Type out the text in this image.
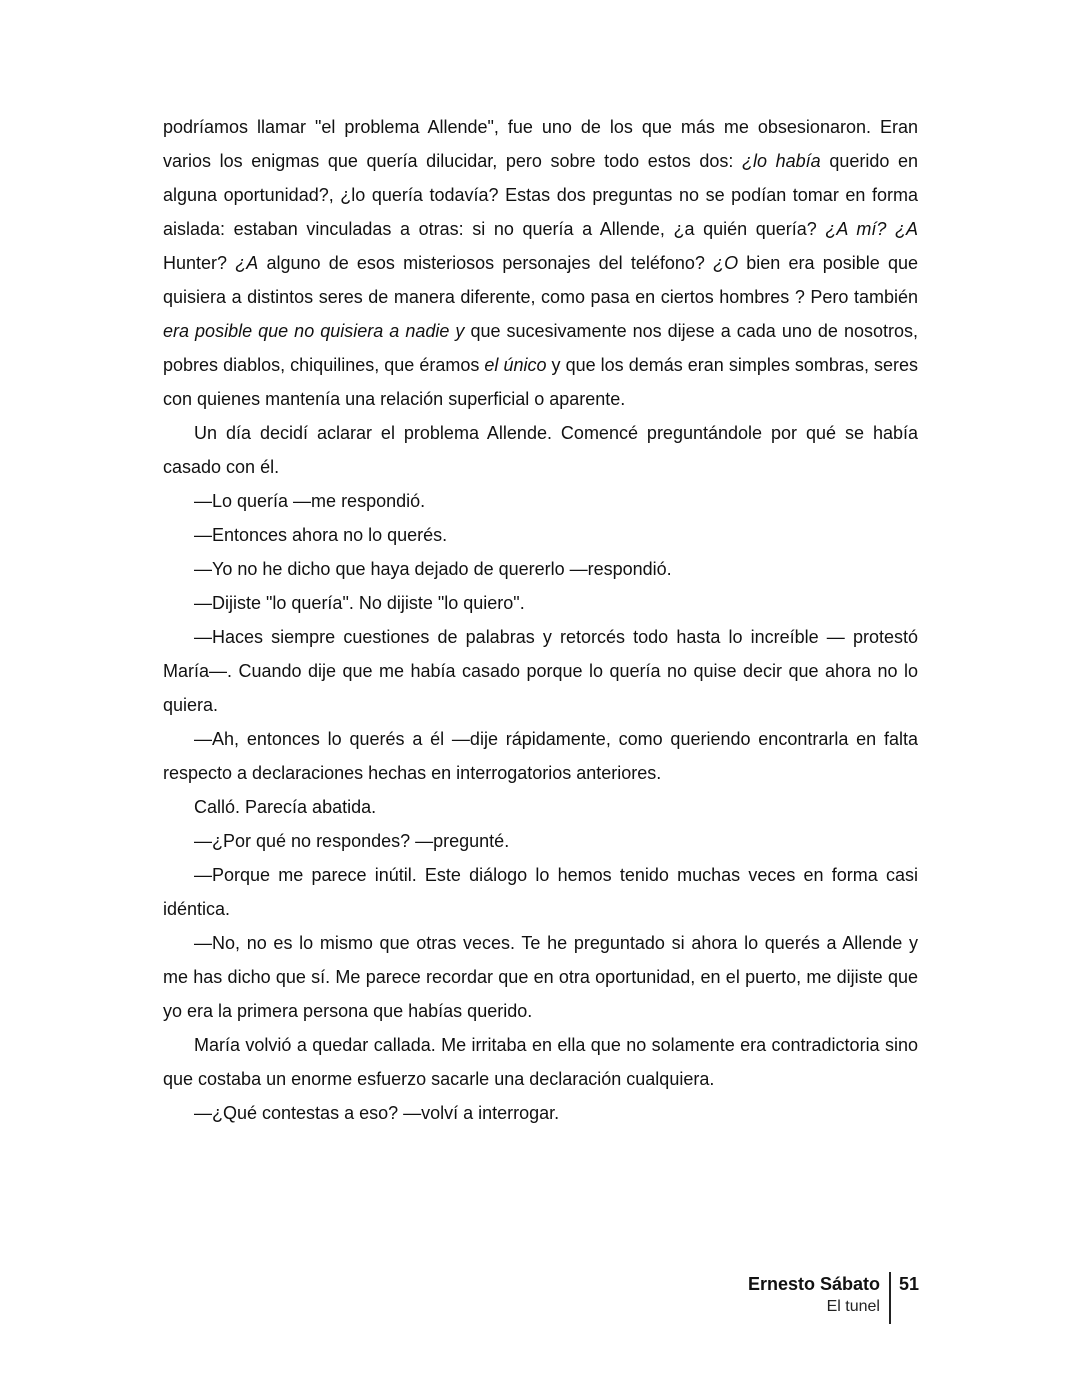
podríamos llamar "el problema Allende", fue uno de los que más me obsesionaron. Eran varios los enigmas que quería dilucidar, pero sobre todo estos dos: ¿lo había querido en alguna oportunidad?, ¿lo quería todavía? Estas dos preguntas no se podían tomar en forma aislada: estaban vinculadas a otras: si no quería a Allende, ¿a quién quería? ¿A mí? ¿A Hunter? ¿A alguno de esos misteriosos personajes del teléfono? ¿O bien era posible que quisiera a distintos seres de manera diferente, como pasa en ciertos hombres ? Pero también era posible que no quisiera a nadie y que sucesivamente nos dijese a cada uno de nosotros, pobres diablos, chiquilines, que éramos el único y que los demás eran simples sombras, seres con quienes mantenía una relación superficial o aparente.

Un día decidí aclarar el problema Allende. Comencé preguntándole por qué se había casado con él.

—Lo quería —me respondió.

—Entonces ahora no lo querés.

—Yo no he dicho que haya dejado de quererlo —respondió.

—Dijiste "lo quería". No dijiste "lo quiero".

—Haces siempre cuestiones de palabras y retorcés todo hasta lo increíble — protestó María—. Cuando dije que me había casado porque lo quería no quise decir que ahora no lo quiera.

—Ah, entonces lo querés a él —dije rápidamente, como queriendo encontrarla en falta respecto a declaraciones hechas en interrogatorios anteriores.

Calló. Parecía abatida.

—¿Por qué no respondes? —pregunté.

—Porque me parece inútil. Este diálogo lo hemos tenido muchas veces en forma casi idéntica.

—No, no es lo mismo que otras veces. Te he preguntado si ahora lo querés a Allende y me has dicho que sí. Me parece recordar que en otra oportunidad, en el puerto, me dijiste que yo era la primera persona que habías querido.

María volvió a quedar callada. Me irritaba en ella que no solamente era contradictoria sino que costaba un enorme esfuerzo sacarle una declaración cualquiera.

—¿Qué contestas a eso? —volví a interrogar.

Ernesto Sábato
El tunel
51
